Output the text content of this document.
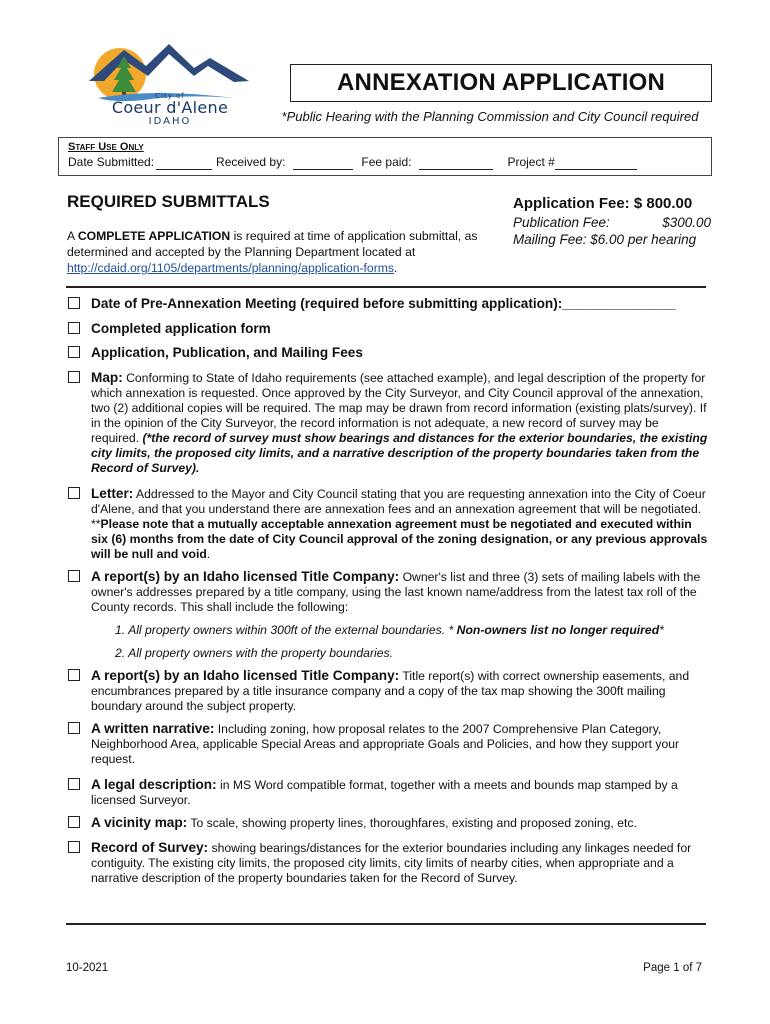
City of
Coeur d'Alene
IDAHO
ANNEXATION APPLICATION
*Public Hearing with the Planning Commission and City Council required
Staff Use Only
Date Submitted:	Received by:	Fee paid:	Project #
REQUIRED SUBMITTALS
A COMPLETE APPLICATION is required at time of application submittal, as determined and accepted by the Planning Department located at http://cdaid.org/1105/departments/planning/application-forms.
Application Fee: $ 800.00
Publication Fee:	$300.00
Mailing Fee: $6.00 per hearing
Date of Pre-Annexation Meeting (required before submitting application):_______________
Completed application form
Application, Publication, and Mailing Fees
Map: Conforming to State of Idaho requirements (see attached example), and legal description of the property for which annexation is requested. Once approved by the City Surveyor, and City Council approval of the annexation, two (2) additional copies will be required. The map may be drawn from record information (existing plats/survey). If in the opinion of the City Surveyor, the record information is not adequate, a new record of survey may be required. (*the record of survey must show bearings and distances for the exterior boundaries, the existing city limits, the proposed city limits, and a narrative description of the property boundaries taken from the Record of Survey).
Letter: Addressed to the Mayor and City Council stating that you are requesting annexation into the City of Coeur d'Alene, and that you understand there are annexation fees and an annexation agreement that will be negotiated. **Please note that a mutually acceptable annexation agreement must be negotiated and executed within six (6) months from the date of City Council approval of the zoning designation, or any previous approvals will be null and void.
A report(s) by an Idaho licensed Title Company: Owner's list and three (3) sets of mailing labels with the owner's addresses prepared by a title company, using the last known name/address from the latest tax roll of the County records. This shall include the following:
1. All property owners within 300ft of the external boundaries. * Non-owners list no longer required*
2. All property owners with the property boundaries.
A report(s) by an Idaho licensed Title Company: Title report(s) with correct ownership easements, and encumbrances prepared by a title insurance company and a copy of the tax map showing the 300ft mailing boundary around the subject property.
A written narrative: Including zoning, how proposal relates to the 2007 Comprehensive Plan Category, Neighborhood Area, applicable Special Areas and appropriate Goals and Policies, and how they support your request.
A legal description: in MS Word compatible format, together with a meets and bounds map stamped by a licensed Surveyor.
A vicinity map: To scale, showing property lines, thoroughfares, existing and proposed zoning, etc.
Record of Survey: showing bearings/distances for the exterior boundaries including any linkages needed for contiguity. The existing city limits, the proposed city limits, city limits of nearby cities, when appropriate and a narrative description of the property boundaries taken for the Record of Survey.
10-2021	Page 1 of 7
